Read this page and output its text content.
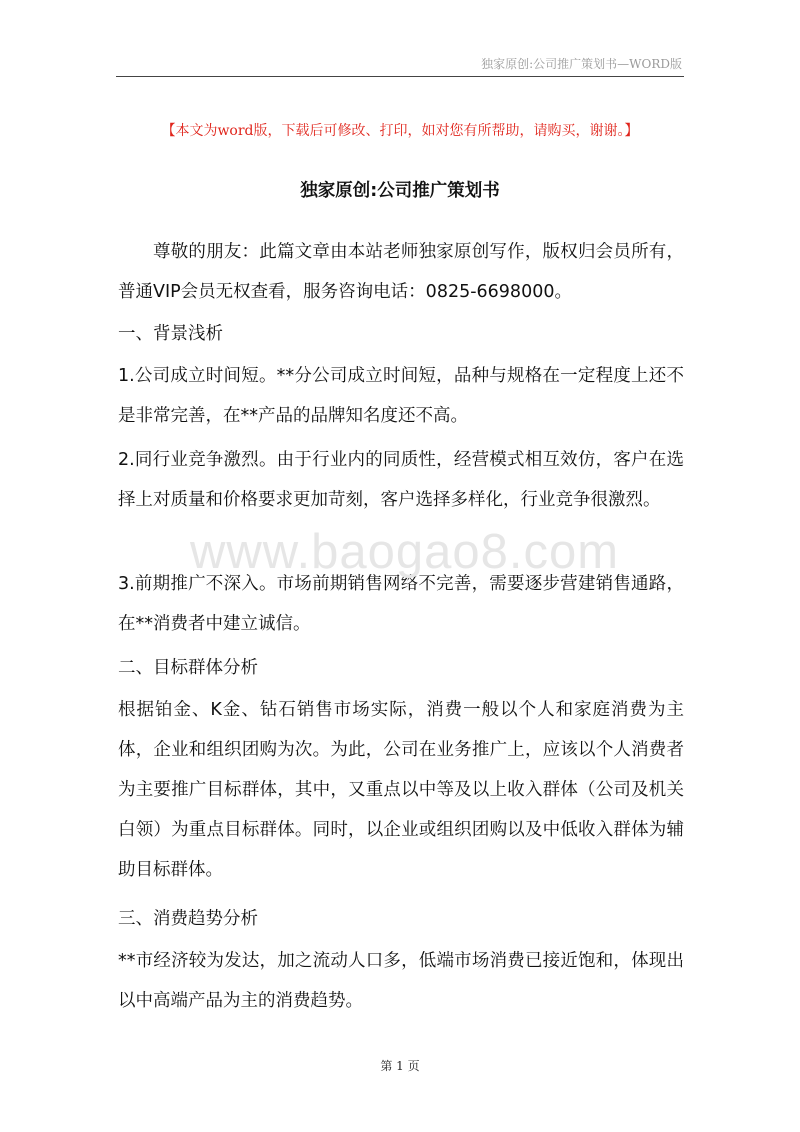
独家原创:公司推广策划书—WORD版
【本文为word版，下载后可修改、打印，如对您有所帮助，请购买，谢谢。】
独家原创:公司推广策划书

尊敬的朋友：此篇文章由本站老师独家原创写作，版权归会员所有，普通VIP会员无权查看，服务咨询电话：0825-6698000。

一、背景浅析

1.公司成立时间短。**分公司成立时间短，品种与规格在一定程度上还不是非常完善，在**产品的品牌知名度还不高。

2.同行业竞争激烈。由于行业内的同质性，经营模式相互效仿，客户在选择上对质量和价格要求更加苛刻，客户选择多样化，行业竞争很激烈。

3.前期推广不深入。市场前期销售网络不完善，需要逐步营建销售通路，在**消费者中建立诚信。

二、目标群体分析

根据铂金、K金、钻石销售市场实际，消费一般以个人和家庭消费为主体，企业和组织团购为次。为此，公司在业务推广上，应该以个人消费者为主要推广目标群体，其中，又重点以中等及以上收入群体（公司及机关白领）为重点目标群体。同时，以企业或组织团购以及中低收入群体为辅助目标群体。

三、消费趋势分析

**市经济较为发达，加之流动人口多，低端市场消费已接近饱和，体现出以中高端产品为主的消费趋势。

www.baogao8.com
第 1 页
